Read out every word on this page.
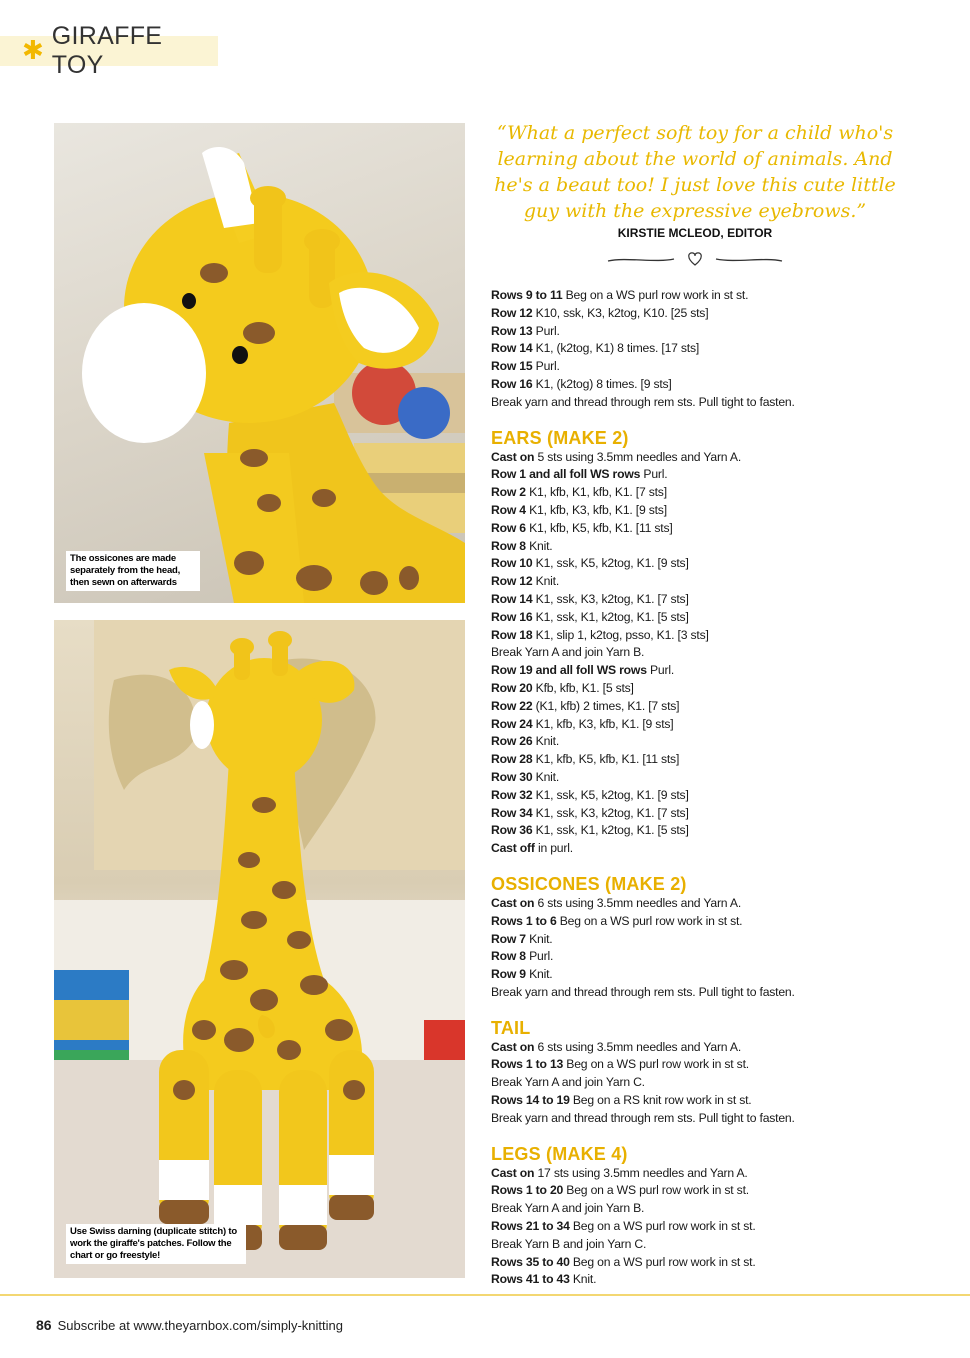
✱ GIRAFFE TOY
The ossicones are made separately from the head, then sewn on afterwards
Use Swiss darning (duplicate stitch) to work the giraffe's patches. Follow the chart or go freestyle!
“What a perfect soft toy for a child who's learning about the world of animals. And he's a beaut too! I just love this cute little guy with the expressive eyebrows.”
KIRSTIE MCLEOD, EDITOR
Rows 9 to 11 Beg on a WS purl row work in st st.
Row 12 K10, ssk, K3, k2tog, K10. [25 sts]
Row 13 Purl.
Row 14 K1, (k2tog, K1) 8 times. [17 sts]
Row 15 Purl.
Row 16 K1, (k2tog) 8 times. [9 sts]
Break yarn and thread through rem sts. Pull tight to fasten.
EARS (MAKE 2)
Cast on 5 sts using 3.5mm needles and Yarn A.
Row 1 and all foll WS rows Purl.
Row 2 K1, kfb, K1, kfb, K1. [7 sts]
Row 4 K1, kfb, K3, kfb, K1. [9 sts]
Row 6 K1, kfb, K5, kfb, K1. [11 sts]
Row 8 Knit.
Row 10 K1, ssk, K5, k2tog, K1. [9 sts]
Row 12 Knit.
Row 14 K1, ssk, K3, k2tog, K1. [7 sts]
Row 16 K1, ssk, K1, k2tog, K1. [5 sts]
Row 18 K1, slip 1, k2tog, psso, K1. [3 sts]
Break Yarn A and join Yarn B.
Row 19 and all foll WS rows Purl.
Row 20 Kfb, kfb, K1. [5 sts]
Row 22 (K1, kfb) 2 times, K1. [7 sts]
Row 24 K1, kfb, K3, kfb, K1. [9 sts]
Row 26 Knit.
Row 28 K1, kfb, K5, kfb, K1. [11 sts]
Row 30 Knit.
Row 32 K1, ssk, K5, k2tog, K1. [9 sts]
Row 34 K1, ssk, K3, k2tog, K1. [7 sts]
Row 36 K1, ssk, K1, k2tog, K1. [5 sts]
Cast off in purl.
OSSICONES (MAKE 2)
Cast on 6 sts using 3.5mm needles and Yarn A.
Rows 1 to 6 Beg on a WS purl row work in st st.
Row 7 Knit.
Row 8 Purl.
Row 9 Knit.
Break yarn and thread through rem sts. Pull tight to fasten.
TAIL
Cast on 6 sts using 3.5mm needles and Yarn A.
Rows 1 to 13 Beg on a WS purl row work in st st.
Break Yarn A and join Yarn C.
Rows 14 to 19 Beg on a RS knit row work in st st.
Break yarn and thread through rem sts. Pull tight to fasten.
LEGS (MAKE 4)
Cast on 17 sts using 3.5mm needles and Yarn A.
Rows 1 to 20 Beg on a WS purl row work in st st.
Break Yarn A and join Yarn B.
Rows 21 to 34 Beg on a WS purl row work in st st.
Break Yarn B and join Yarn C.
Rows 35 to 40 Beg on a WS purl row work in st st.
Rows 41 to 43 Knit.
86 Subscribe at www.theyarnbox.com/simply-knitting
